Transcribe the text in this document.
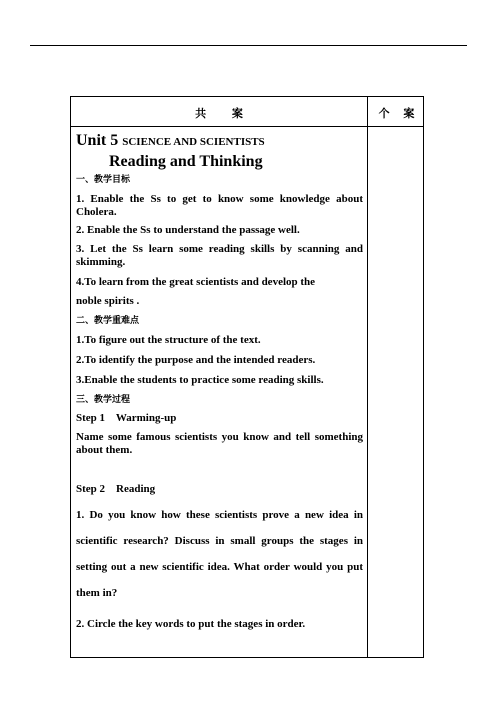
共 案	个 案
Unit 5 SCIENCE AND SCIENTISTS
Reading and Thinking
一、教学目标

1. Enable the Ss to get to know some knowledge about Cholera.

2. Enable the Ss to understand the passage well.

3. Let the Ss learn some reading skills by scanning and skimming.

4.To learn from the great scientists and develop the

noble spirits .

二、教学重难点

1.To figure out the structure of the text.

2.To identify the purpose and the intended readers.

3.Enable the students to practice some reading skills.

三、教学过程

Step 1    Warming-up

Name some famous scientists you know and tell something about them.

Step 2    Reading

1. Do you know how these scientists prove a new idea in scientific research? Discuss in small groups the stages in setting out a new scientific idea. What order would you put them in?

2. Circle the key words to put the stages in order.
